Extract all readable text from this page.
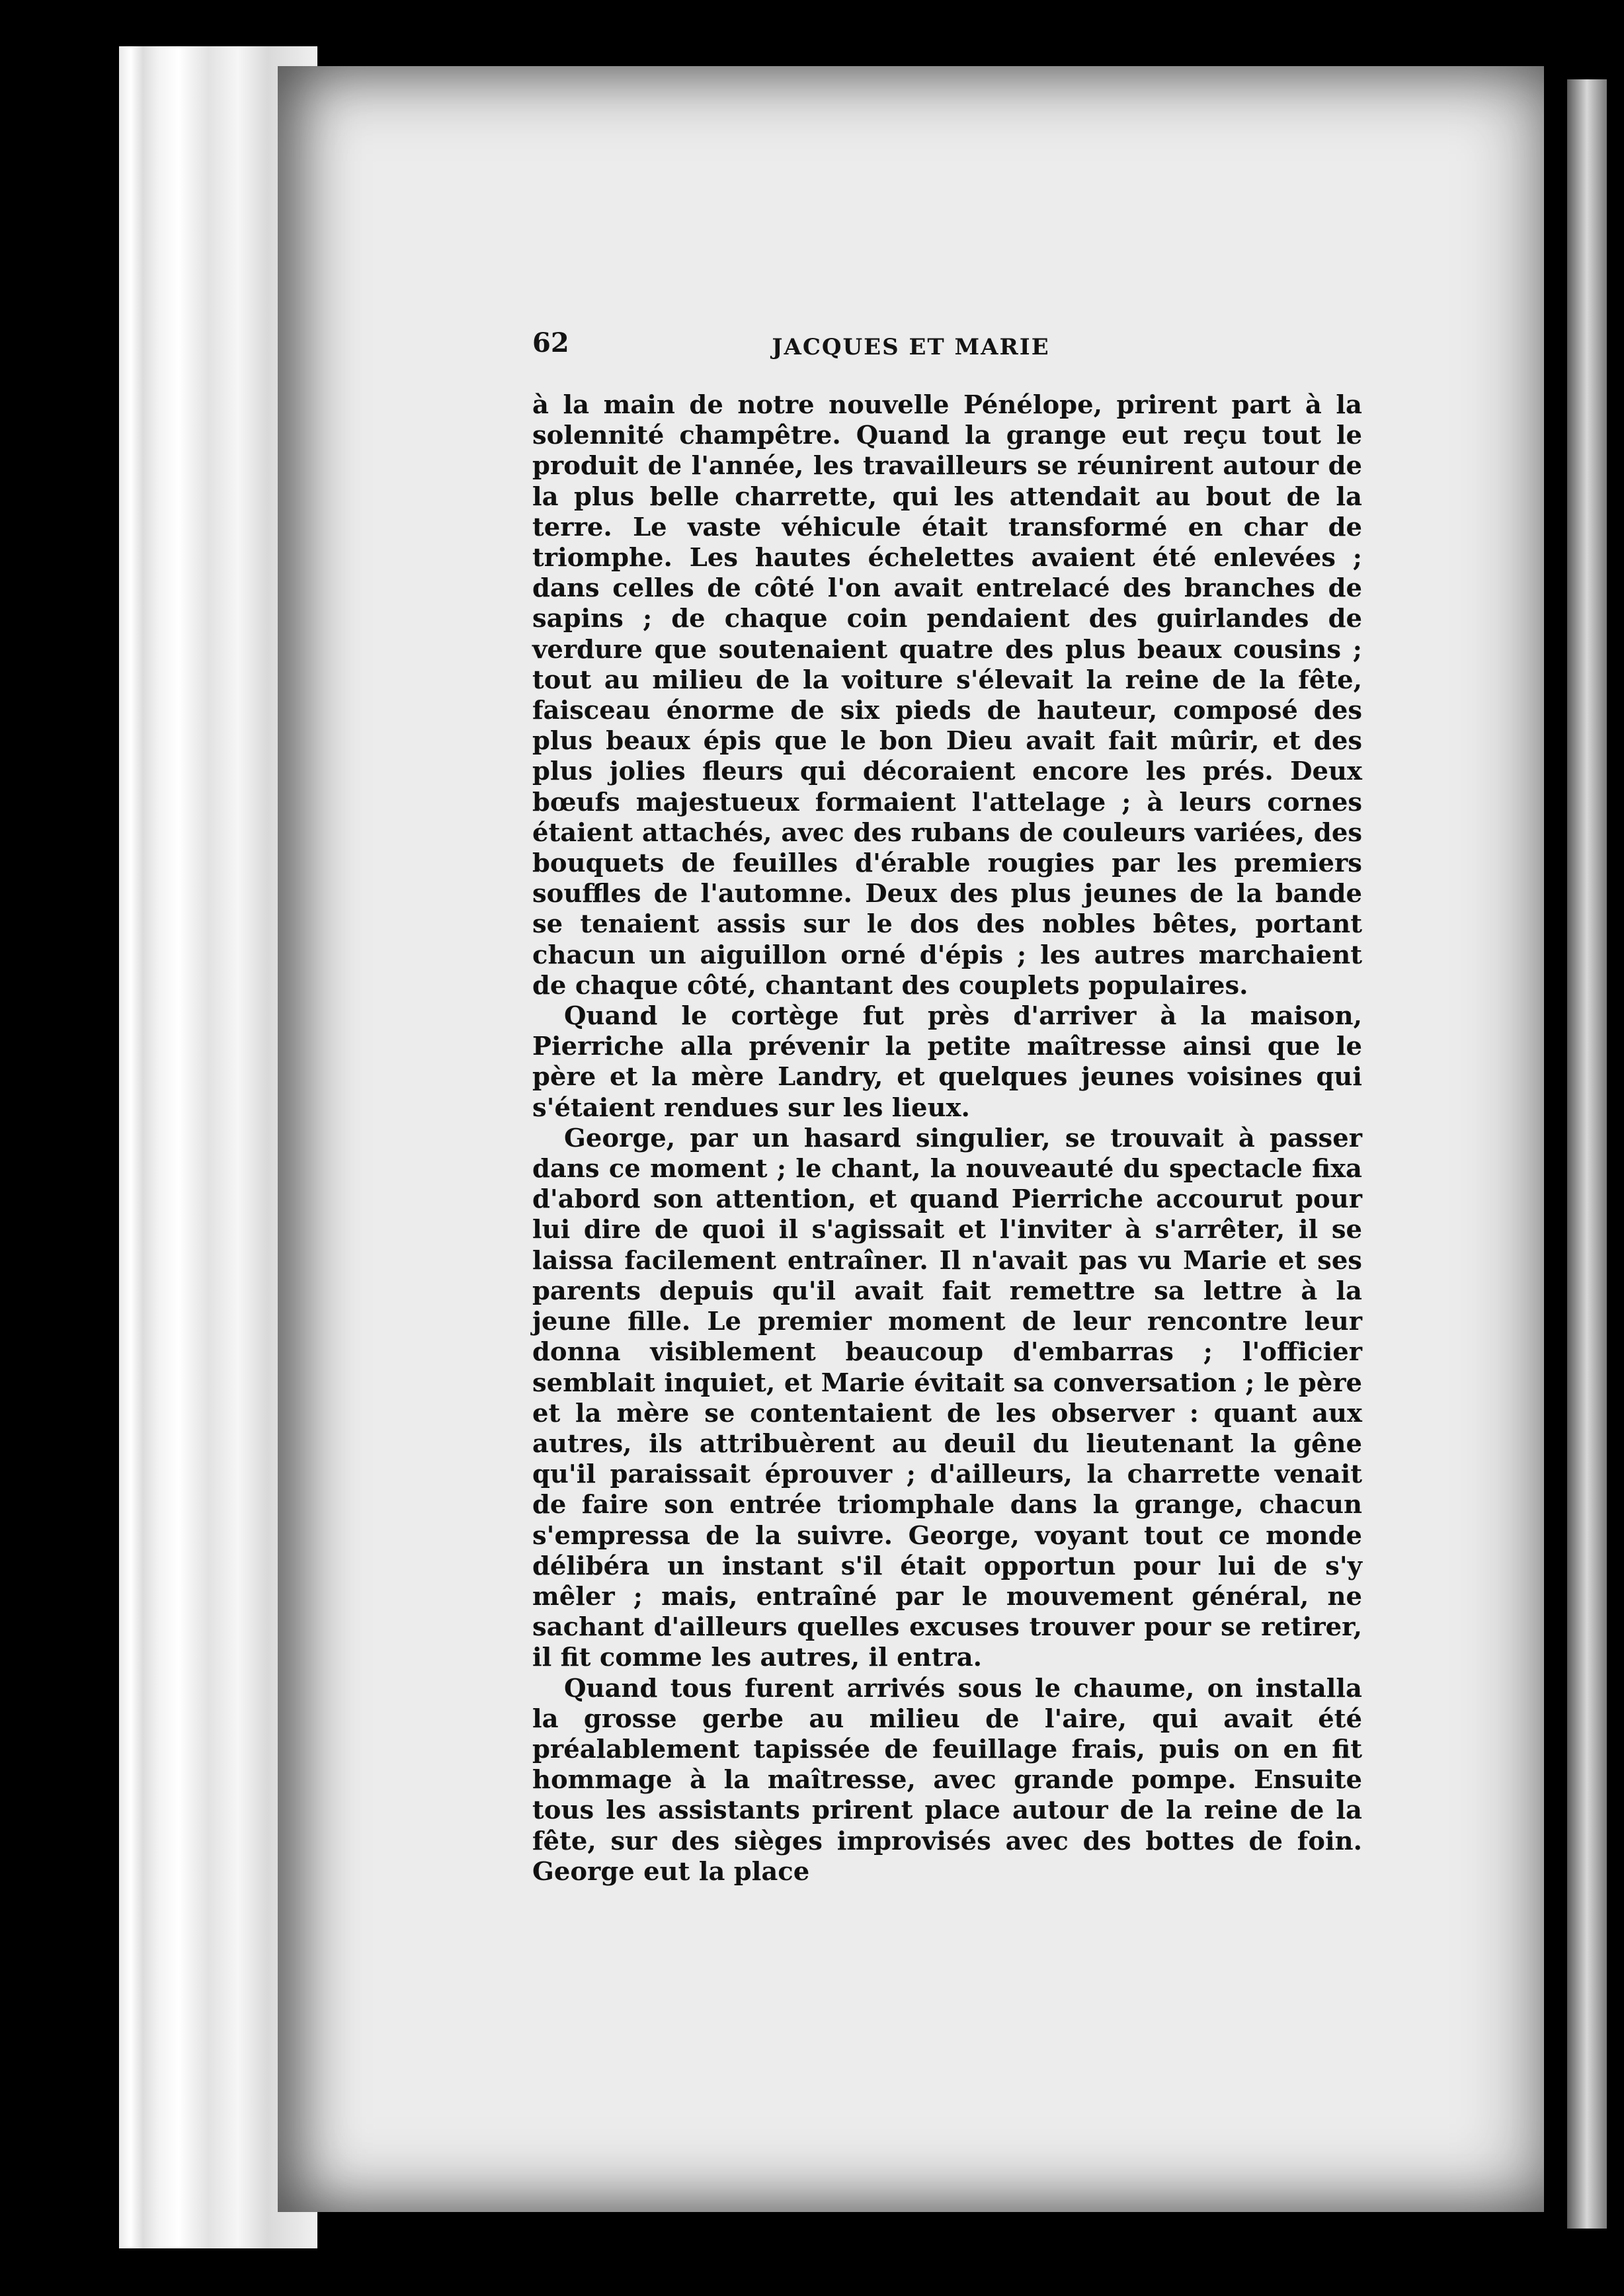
62	JACQUES ET MARIE

à la main de notre nouvelle Pénélope, prirent part à la solennité champêtre. Quand la grange eut reçu tout le produit de l'année, les travailleurs se réunirent autour de la plus belle charrette, qui les attendait au bout de la terre. Le vaste véhicule était transformé en char de triomphe. Les hautes échelettes avaient été enlevées ; dans celles de côté l'on avait entrelacé des branches de sapins ; de chaque coin pendaient des guirlandes de verdure que soutenaient quatre des plus beaux cousins ; tout au milieu de la voiture s'élevait la reine de la fête, faisceau énorme de six pieds de hauteur, composé des plus beaux épis que le bon Dieu avait fait mûrir, et des plus jolies fleurs qui décoraient encore les prés. Deux bœufs majestueux formaient l'attelage ; à leurs cornes étaient attachés, avec des rubans de couleurs variées, des bouquets de feuilles d'érable rougies par les premiers souffles de l'automne. Deux des plus jeunes de la bande se tenaient assis sur le dos des nobles bêtes, portant chacun un aiguillon orné d'épis ; les autres marchaient de chaque côté, chantant des couplets populaires.

Quand le cortège fut près d'arriver à la maison, Pierriche alla prévenir la petite maîtresse ainsi que le père et la mère Landry, et quelques jeunes voisines qui s'étaient rendues sur les lieux.

George, par un hasard singulier, se trouvait à passer dans ce moment ; le chant, la nouveauté du spectacle fixa d'abord son attention, et quand Pierriche accourut pour lui dire de quoi il s'agissait et l'inviter à s'arrêter, il se laissa facilement entraîner. Il n'avait pas vu Marie et ses parents depuis qu'il avait fait remettre sa lettre à la jeune fille. Le premier moment de leur rencontre leur donna visiblement beaucoup d'embarras ; l'officier semblait inquiet, et Marie évitait sa conversation ; le père et la mère se contentaient de les observer : quant aux autres, ils attribuèrent au deuil du lieutenant la gêne qu'il paraissait éprouver ; d'ailleurs, la charrette venait de faire son entrée triomphale dans la grange, chacun s'empressa de la suivre. George, voyant tout ce monde délibéra un instant s'il était opportun pour lui de s'y mêler ; mais, entraîné par le mouvement général, ne sachant d'ailleurs quelles excuses trouver pour se retirer, il fit comme les autres, il entra.

Quand tous furent arrivés sous le chaume, on installa la grosse gerbe au milieu de l'aire, qui avait été préalablement tapissée de feuillage frais, puis on en fit hommage à la maîtresse, avec grande pompe. Ensuite tous les assistants prirent place autour de la reine de la fête, sur des sièges improvisés avec des bottes de foin. George eut la place
